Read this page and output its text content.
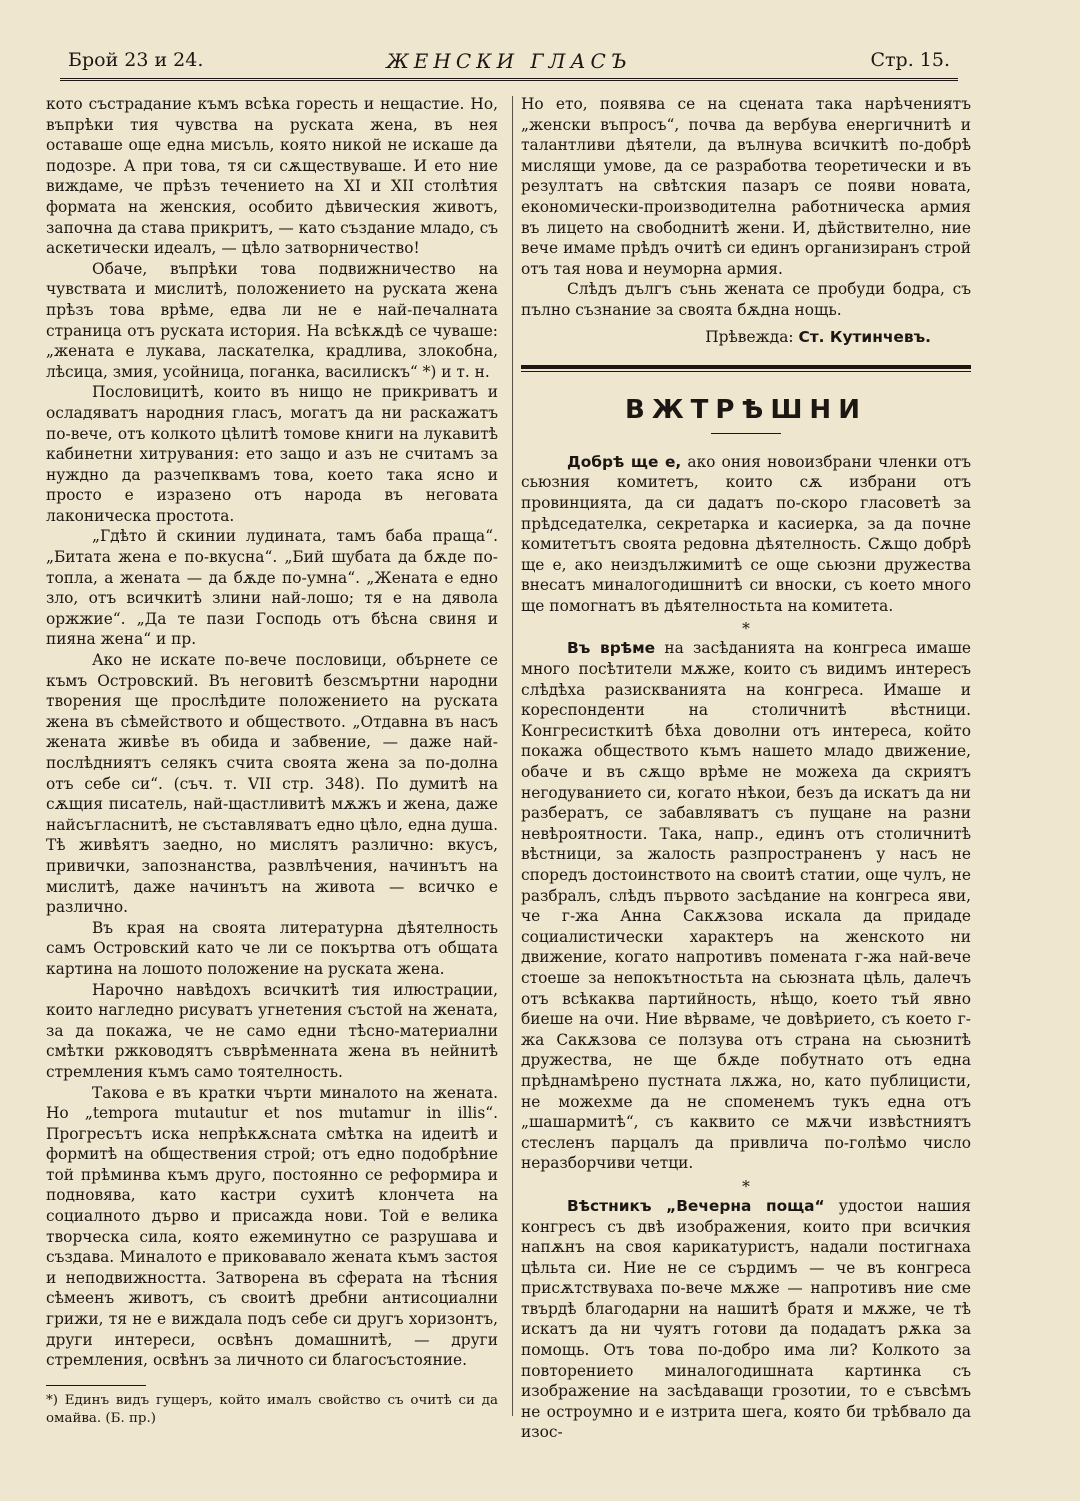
Брой 23 и 24.	ЖЕНСКИ ГЛАСЪ	Стр. 15.

кото състрадание къмъ всѣка горесть и нещастие. Но, въпрѣки тия чувства на руската жена, въ нея оставаше още една мисъль, която никой не искаше да подозре. А при това, тя си сѫществуваше. И ето ние виждаме, че прѣзъ течението на XI и XII столѣтия формата на женския, особито дѣвическия животъ, започна да става прикритъ, — като създание младо, съ аскетически идеалъ, — цѣло затворничество!

Обаче, въпрѣки това подвижничество на чувствата и мислитѣ, положението на руската жена прѣзъ това врѣме, едва ли не е най-печалната страница отъ руската история. На всѣкѫдѣ се чуваше: „жената е лукава, ласкателка, крадлива, злокобна, лѣсица, змия, усойница, поганка, василискъ“ *) и т. н.

Пословицитѣ, които въ нищо не прикриватъ и осладяватъ народния гласъ, могатъ да ни раскажатъ по-вече, отъ колкото цѣлитѣ томове книги на лукавитѣ кабинетни хитрувания: ето защо и азъ не считамъ за нуждно да разчепквамъ това, което така ясно и просто е изразено отъ народа въ неговата лаконическа простота.

„Гдѣто й скинии лудината, тамъ баба праща“. „Битата жена е по-вкусна“. „Бий шубата да бѫде по-топла, а жената — да бѫде по-умна“. „Жената е едно зло, отъ всичкитѣ злини най-лошо; тя е на дявола оржжие“. „Да те пази Господь отъ бѣсна свиня и пияна жена“ и пр.

Ако не искате по-вече пословици, обърнете се къмъ Островский. Въ неговитѣ безсмъртни народни творения ще прослѣдите положението на руската жена въ сѣмейството и обществото. „Отдавна въ насъ жената живѣе въ обида и забвение, — даже най-послѣдниятъ селякъ счита своята жена за по-долна отъ себе си“. (съч. т. VII стр. 348). По думитѣ на сѫщия писатель, най-щастливитѣ мѫжъ и жена, даже найсъгласнитѣ, не съставляватъ едно цѣло, една душа. Тѣ живѣятъ заедно, но мислятъ различно: вкусъ, привички, запознанства, развлѣчения, начинътъ на мислитѣ, даже начинътъ на живота — всичко е различно.

Въ края на своята литературна дѣятелность самъ Островский като че ли се покъртва отъ общата картина на лошото положение на руската жена.

Нарочно навѣдохъ всичкитѣ тия илюстрации, които нагледно рисуватъ угнетения състой на жената, за да покажа, че не само едни тѣсно-материални смѣтки ржководятъ съврѣменната жена въ нейнитѣ стремления къмъ само тоятелность.

Такова е въ кратки чърти миналото на жената. Но „tempora mutautur et nos mutamur in illis“. Прогресътъ иска непрѣкѫсната смѣтка на идеитѣ и формитѣ на обществения строй; отъ едно подобрѣние той прѣминва къмъ друго, постоянно се реформира и подновява, като кастри сухитѣ клончета на социалното дърво и присажда нови. Той е велика творческа сила, която ежеминутно се разрушава и създава. Миналото е приковавало жената къмъ застоя и неподвижността. Затворена въ сферата на тѣсния сѣмеенъ животъ, съ своитѣ дребни антисоциални грижи, тя не е виждала подъ себе си другъ хоризонтъ, други интереси, освѣнъ домашнитѣ, — други стремления, освѣнъ за личното си благосъстояние.

*) Единъ видъ гущеръ, който ималъ свойство съ очитѣ си да омайва. (Б. пр.)

Но ето, появява се на сцената така нарѣчениятъ „женски въпросъ“, почва да вербува енергичнитѣ и талантливи дѣятели, да вълнува всичкитѣ по-добрѣ мислящи умове, да се разработва теоретически и въ резултатъ на свѣтския пазаръ се появи новата, економически-производителна работническа армия въ лицето на свободнитѣ жени. И, дѣйствително, ние вече имаме прѣдъ очитѣ си единъ организиранъ строй отъ тая нова и неуморна армия.

Слѣдъ дългъ сънь жената се пробуди бодра, съ пълно съзнание за своята бѫдна нощь.

Прѣвежда: Ст. Кутинчевъ.
ВЖТРѢШНИ

Добрѣ ще е, ако ония новоизбрани членки отъ сьюзния комитетъ, които сѫ избрани отъ провинцията, да си дадатъ по-скоро гласоветѣ за прѣдседателка, секретарка и касиерка, за да почне комитетътъ своята редовна дѣятелность. Сѫщо добрѣ ще е, ако неиздължимитѣ се още сьюзни дружества внесатъ миналогодишнитѣ си вноски, съ което много ще помогнатъ въ дѣятелностьта на комитета.

*

Въ врѣме на засѣданията на конгреса имаше много посѣтители мѫже, които съ видимъ интересъ слѣдѣха разискванията на конгреса. Имаше и кореспонденти на столичнитѣ вѣстници. Конгресисткитѣ бѣха доволни отъ интереса, който покажа обществото къмъ нашето младо движение, обаче и въ сѫщо врѣме не можеха да скриятъ негодуванието си, когато нѣкои, безъ да искатъ да ни разбератъ, се забавляватъ съ пущане на разни невѣроятности. Така, напр., единъ отъ столичнитѣ вѣстници, за жалость разпространенъ у насъ не споредъ достоинството на своитѣ статии, още чулъ, не разбралъ, слѣдъ първото засѣдание на конгреса яви, че г-жа Анна Сакѫзова искала да придаде социалистически характеръ на женското ни движение, когато напротивъ помената г-жа най-вече стоеше за непокътностьта на сьюзната цѣль, далечъ отъ всѣкаква партийность, нѣщо, което тъй явно биеше на очи. Ние вѣрваме, че довѣрието, съ което г-жа Сакѫзова се ползува отъ страна на сьюзнитѣ дружества, не ще бѫде побутнато отъ една прѣднамѣрено пустната лѫжа, но, като публицисти, не можехме да не споменемъ тукъ една отъ „шашармитѣ“, съ каквито се мѫчи извѣстниятъ стесленъ парцалъ да привлича по-голѣмо число неразборчиви четци.

*

Вѣстникъ „Вечерна поща“ удостои нашия конгресъ съ двѣ изображения, които при всичкия напѫнъ на своя карикатуристъ, надали постигнаха цѣльта си. Ние не се сърдимъ — че въ конгреса присѫтствуваха по-вече мѫже — напротивъ ние сме твърдѣ благодарни на нашитѣ братя и мѫже, че тѣ искатъ да ни чуятъ готови да подадатъ рѫка за помощь. Отъ това по-добро има ли? Колкото за повторението миналогодишната картинка съ изображение на засѣдаващи грозотии, то е съвсѣмъ не остроумно и е изтрита шега, която би трѣбвало да изос-
